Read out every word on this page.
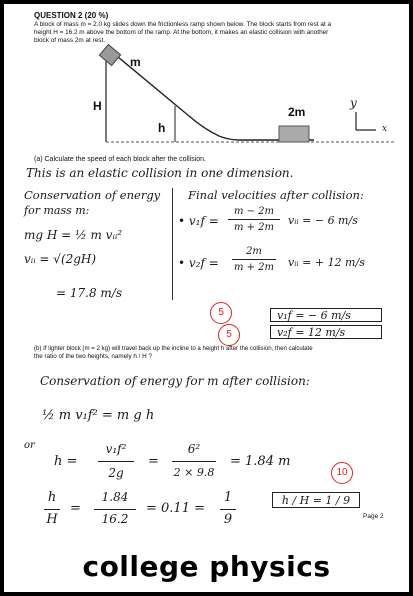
QUESTION 2 (20 %)
A block of mass m = 2.0 kg slides down the frictionless ramp shown below. The block starts from rest at a
height H = 16.2 m above the bottom of the ramp. At the bottom, it makes an elastic collision with another
block of mass 2m at rest.
m
H
h
2m
y
x
(a) Calculate the speed of each block after the collision.
This is an elastic collision in one dimension.
Conservation of energy
for mass m:
mg H = ½ m vᵢᵢ²
vᵢᵢ = √(2gH)
= 17.8 m/s
Final velocities after collision:
• v₁f =
m − 2m
m + 2m
vᵢᵢ = − 6 m/s
• v₂f =
2m
m + 2m	vᵢᵢ = + 12 m/s
5	v₁f = − 6 m/s
5	v₂f = 12 m/s
(b) If lighter block (m = 2 kg) will travel back up the incline to a height h after the collision, then calculate
the ratio of the two heights, namely h / H ?
Conservation of energy for m after collision:
½ m v₁f² = m g h
or
h =
v₁f²
2g
=
6²
2 × 9.8
= 1.84 m
10
h
H
=
1.84
16.2
= 0.11 =
1
9
h / H = 1 / 9
Page 2
college physics
